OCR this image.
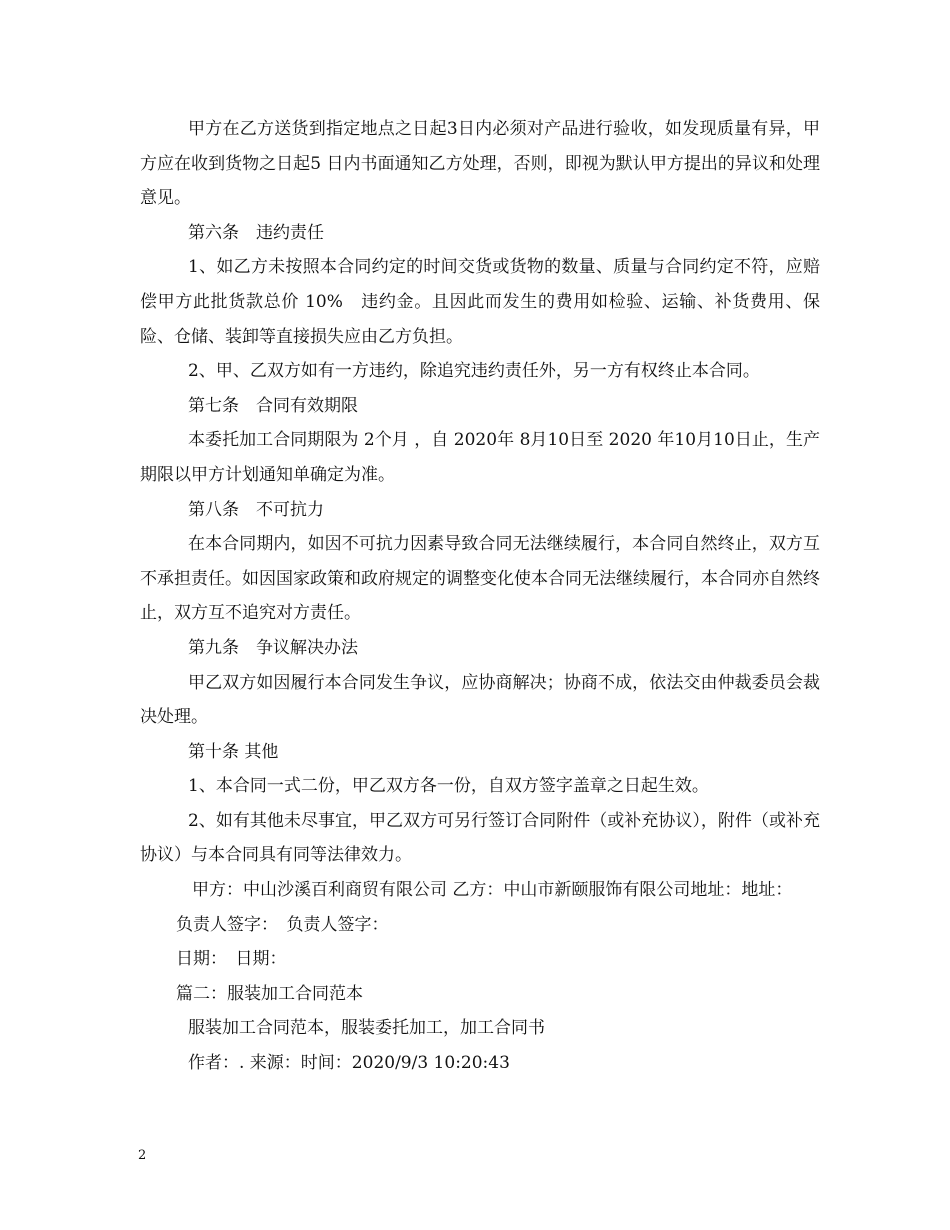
甲方在乙方送货到指定地点之日起3日内必须对产品进行验收，如发现质量有异，甲方应在收到货物之日起5 日内书面通知乙方处理，否则，即视为默认甲方提出的异议和处理意见。

第六条　违约责任

1、如乙方未按照本合同约定的时间交货或货物的数量、质量与合同约定不符，应赔偿甲方此批货款总价 10%　违约金。且因此而发生的费用如检验、运输、补货费用、保险、仓储、装卸等直接损失应由乙方负担。

2、甲、乙双方如有一方违约，除追究违约责任外，另一方有权终止本合同。

第七条　合同有效期限

本委托加工合同期限为 2个月 ，自 2020年 8月10日至 2020 年10月10日止，生产期限以甲方计划通知单确定为准。

第八条　不可抗力

在本合同期内，如因不可抗力因素导致合同无法继续履行，本合同自然终止，双方互不承担责任。如因国家政策和政府规定的调整变化使本合同无法继续履行，本合同亦自然终止，双方互不追究对方责任。

第九条　争议解决办法

甲乙双方如因履行本合同发生争议，应协商解决；协商不成，依法交由仲裁委员会裁决处理。

第十条 其他

1、本合同一式二份，甲乙双方各一份，自双方签字盖章之日起生效。

2、如有其他未尽事宜，甲乙双方可另行签订合同附件（或补充协议），附件（或补充协议）与本合同具有同等法律效力。

甲方：中山沙溪百利商贸有限公司 乙方：中山市新颐服饰有限公司地址：地址：

负责人签字：　负责人签字：

日期：　日期：

篇二：服装加工合同范本

服装加工合同范本，服装委托加工，加工合同书

作者：. 来源：时间：2020/9/3 10:20:43

2
